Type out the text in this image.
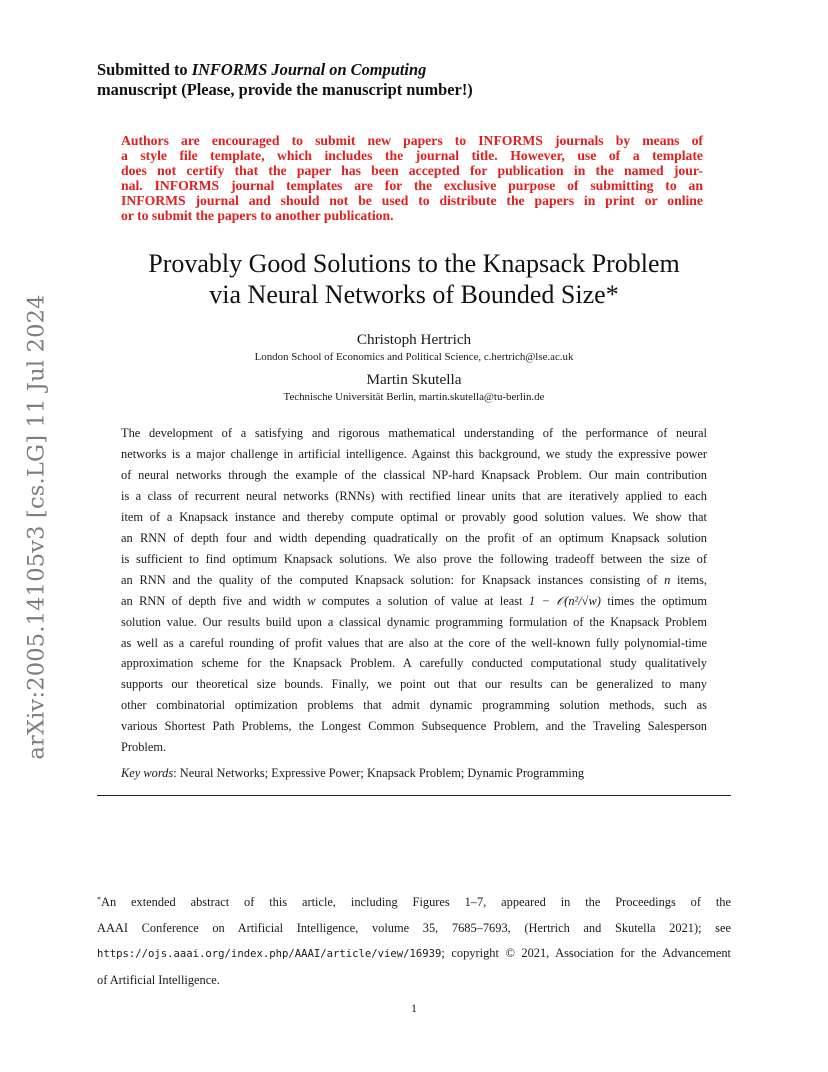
arXiv:2005.14105v3 [cs.LG] 11 Jul 2024
Submitted to INFORMS Journal on Computing
manuscript (Please, provide the manuscript number!)
Authors are encouraged to submit new papers to INFORMS journals by means of
a style file template, which includes the journal title. However, use of a template
does not certify that the paper has been accepted for publication in the named jour-
nal. INFORMS journal templates are for the exclusive purpose of submitting to an
INFORMS journal and should not be used to distribute the papers in print or online
or to submit the papers to another publication.
Provably Good Solutions to the Knapsack Problem
via Neural Networks of Bounded Size*
Christoph Hertrich
London School of Economics and Political Science, c.hertrich@lse.ac.uk
Martin Skutella
Technische Universität Berlin, martin.skutella@tu-berlin.de
The development of a satisfying and rigorous mathematical understanding of the performance of neural
networks is a major challenge in artificial intelligence. Against this background, we study the expressive power
of neural networks through the example of the classical NP-hard Knapsack Problem. Our main contribution
is a class of recurrent neural networks (RNNs) with rectified linear units that are iteratively applied to each
item of a Knapsack instance and thereby compute optimal or provably good solution values. We show that
an RNN of depth four and width depending quadratically on the profit of an optimum Knapsack solution
is sufficient to find optimum Knapsack solutions. We also prove the following tradeoff between the size of
an RNN and the quality of the computed Knapsack solution: for Knapsack instances consisting of n items,
an RNN of depth five and width w computes a solution of value at least 1 − 𝒪(n²/√w) times the optimum
solution value. Our results build upon a classical dynamic programming formulation of the Knapsack Problem
as well as a careful rounding of profit values that are also at the core of the well-known fully polynomial-time
approximation scheme for the Knapsack Problem. A carefully conducted computational study qualitatively
supports our theoretical size bounds. Finally, we point out that our results can be generalized to many
other combinatorial optimization problems that admit dynamic programming solution methods, such as
various Shortest Path Problems, the Longest Common Subsequence Problem, and the Traveling Salesperson
Problem.
Key words: Neural Networks; Expressive Power; Knapsack Problem; Dynamic Programming
*An extended abstract of this article, including Figures 1–7, appeared in the Proceedings of the
AAAI Conference on Artificial Intelligence, volume 35, 7685–7693, (Hertrich and Skutella 2021); see
https://ojs.aaai.org/index.php/AAAI/article/view/16939; copyright © 2021, Association for the Advancement
of Artificial Intelligence.
1
